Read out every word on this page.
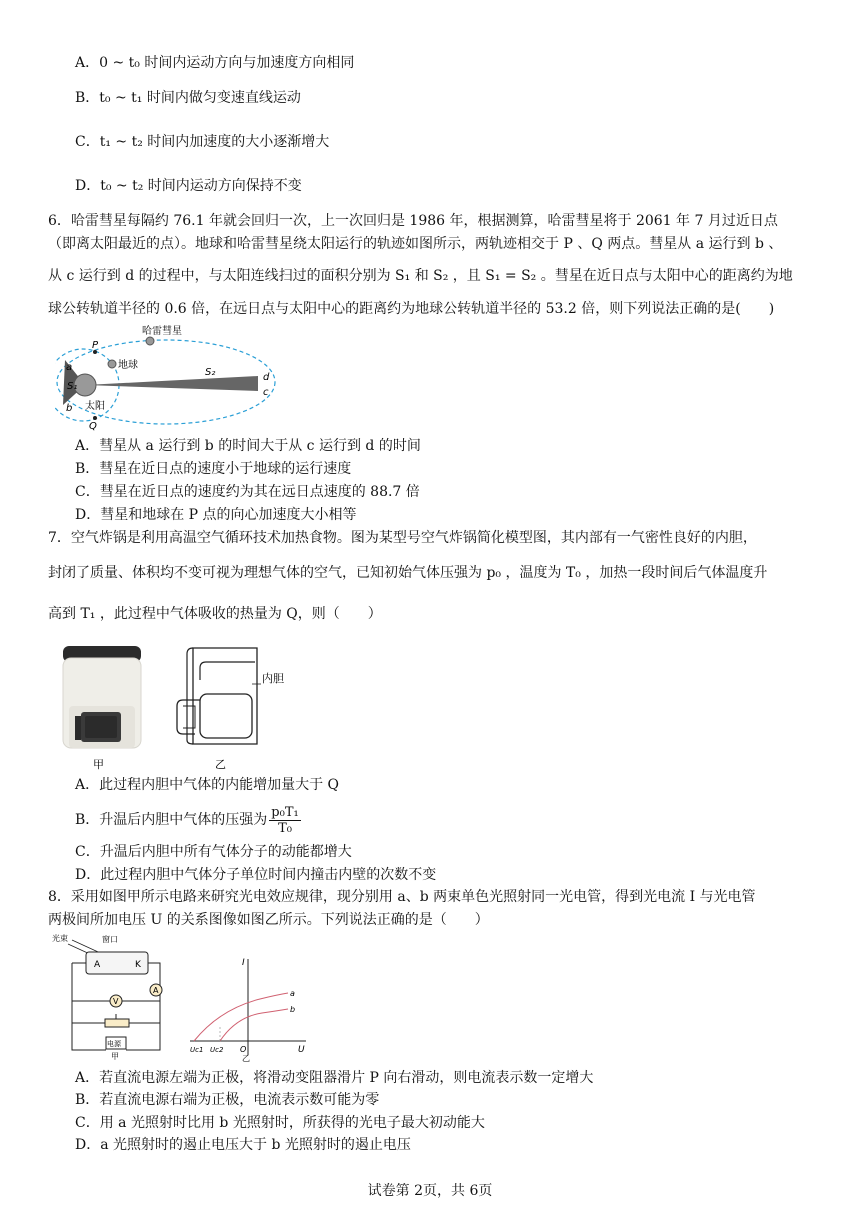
A．0 ~ t₀ 时间内运动方向与加速度方向相同
B．t₀ ~ t₁ 时间内做匀变速直线运动
C．t₁ ~ t₂ 时间内加速度的大小逐渐增大
D．t₀ ~ t₂ 时间内运动方向保持不变
6．哈雷彗星每隔约 76.1 年就会回归一次，上一次回归是 1986 年，根据测算，哈雷彗星将于 2061 年 7 月过近日点
（即离太阳最近的点）。地球和哈雷彗星绕太阳运行的轨迹如图所示，两轨迹相交于 P 、Q 两点。彗星从 a 运行到 b 、
从 c 运行到 d 的过程中，与太阳连线扫过的面积分别为 S₁ 和 S₂ ，且 S₁ = S₂ 。彗星在近日点与太阳中心的距离约为地
球公转轨道半径的 0.6 倍，在远日点与太阳中心的距离约为地球公转轨道半径的 53.2 倍，则下列说法正确的是(　　)
哈雷彗星
地球
太阳
P
Q
a
b
c
d
S₁
S₂
A．彗星从 a 运行到 b 的时间大于从 c 运行到 d 的时间
B．彗星在近日点的速度小于地球的运行速度
C．彗星在近日点的速度约为其在远日点速度的 88.7 倍
D．彗星和地球在 P 点的向心加速度大小相等
7．空气炸锅是利用高温空气循环技术加热食物。图为某型号空气炸锅简化模型图，其内部有一气密性良好的内胆，
封闭了质量、体积均不变可视为理想气体的空气，已知初始气体压强为 p₀ ，温度为 T₀ ，加热一段时间后气体温度升
高到 T₁ ，此过程中气体吸收的热量为 Q，则（　　）
甲
内胆
乙
A．此过程内胆中气体的内能增加量大于 Q
B．升温后内胆中气体的压强为 $\frac{\text{p₀T₁}}{\text{T₀}}$
C．升温后内胆中所有气体分子的动能都增大
D．此过程内胆中气体分子单位时间内撞击内壁的次数不变
8．采用如图甲所示电路来研究光电效应规律，现分别用 a、b 两束单色光照射同一光电管，得到光电流 I 与光电管
两极间所加电压 U 的关系图像如图乙所示。下列说法正确的是（　　）
光束	窗口
A	K
A
V
电源
甲
I
U
O
Uc1 Uc2
a
b
乙
A．若直流电源左端为正极，将滑动变阻器滑片 P 向右滑动，则电流表示数一定增大
B．若直流电源右端为正极，电流表示数可能为零
C．用 a 光照射时比用 b 光照射时，所获得的光电子最大初动能大
D．a 光照射时的遏止电压大于 b 光照射时的遏止电压
试卷第 2页，共 6页
